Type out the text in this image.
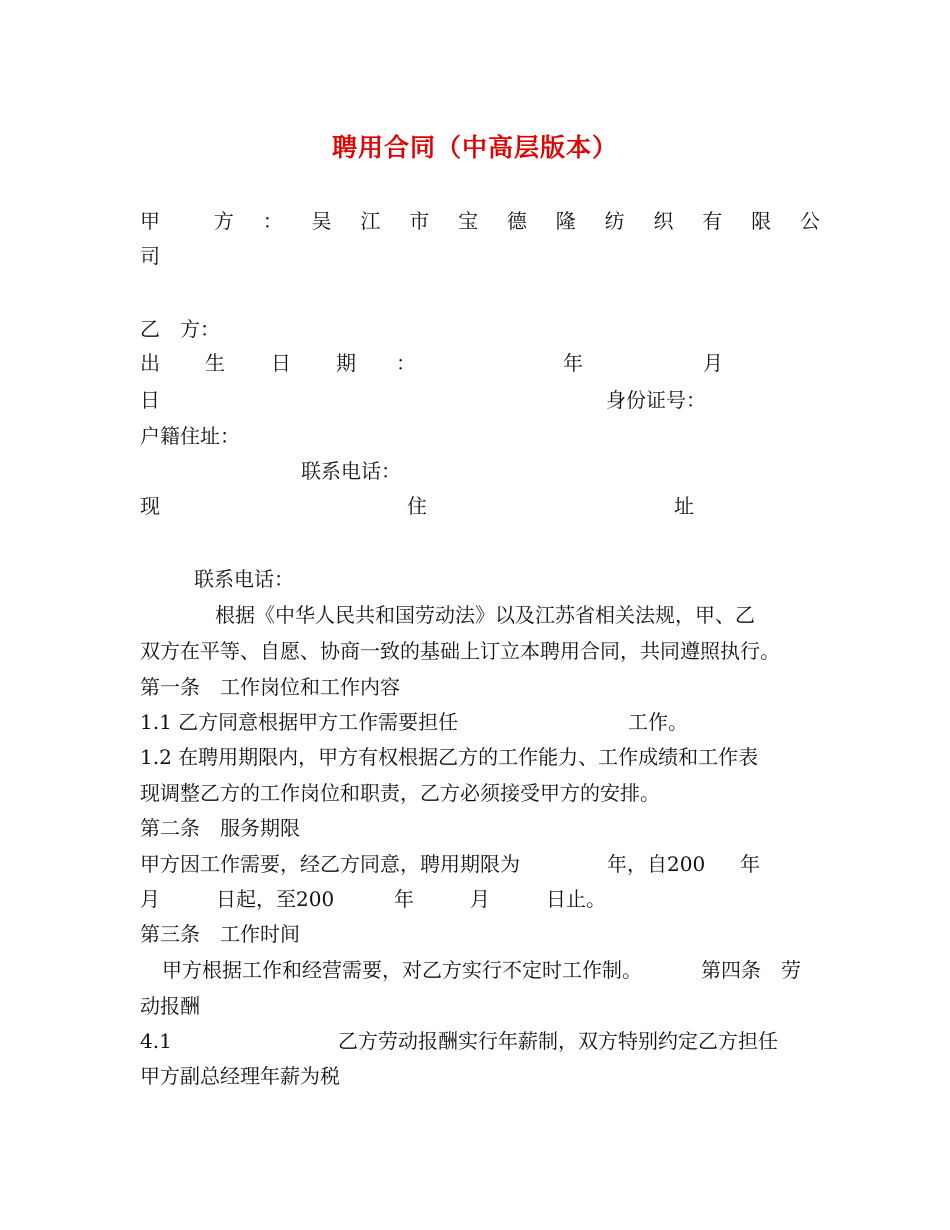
聘用合同（中高层版本）
甲	方 ： 吴 江 市 宝 德 隆 纺 织 有 限 公
司
乙　方：
出 生 日 期 ：	年	月
日	身份证号：
户籍住址：
联系电话：
现	住	址
联系电话：
根据《中华人民共和国劳动法》以及江苏省相关法规，甲、乙
双方在平等、自愿、协商一致的基础上订立本聘用合同，共同遵照执行。
第一条　工作岗位和工作内容
1.1 乙方同意根据甲方工作需要担任	工作。
1.2 在聘用期限内，甲方有权根据乙方的工作能力、工作成绩和工作表
现调整乙方的工作岗位和职责，乙方必须接受甲方的安排。
第二条　服务期限
甲方因工作需要，经乙方同意，聘用期限为	年，自200 年
月	日起，至200	年	月	日止。
第三条　工作时间
甲方根据工作和经营需要，对乙方实行不定时工作制。	第四条　劳
动报酬
4.1	乙方劳动报酬实行年薪制，双方特别约定乙方担任
甲方副总经理年薪为税
